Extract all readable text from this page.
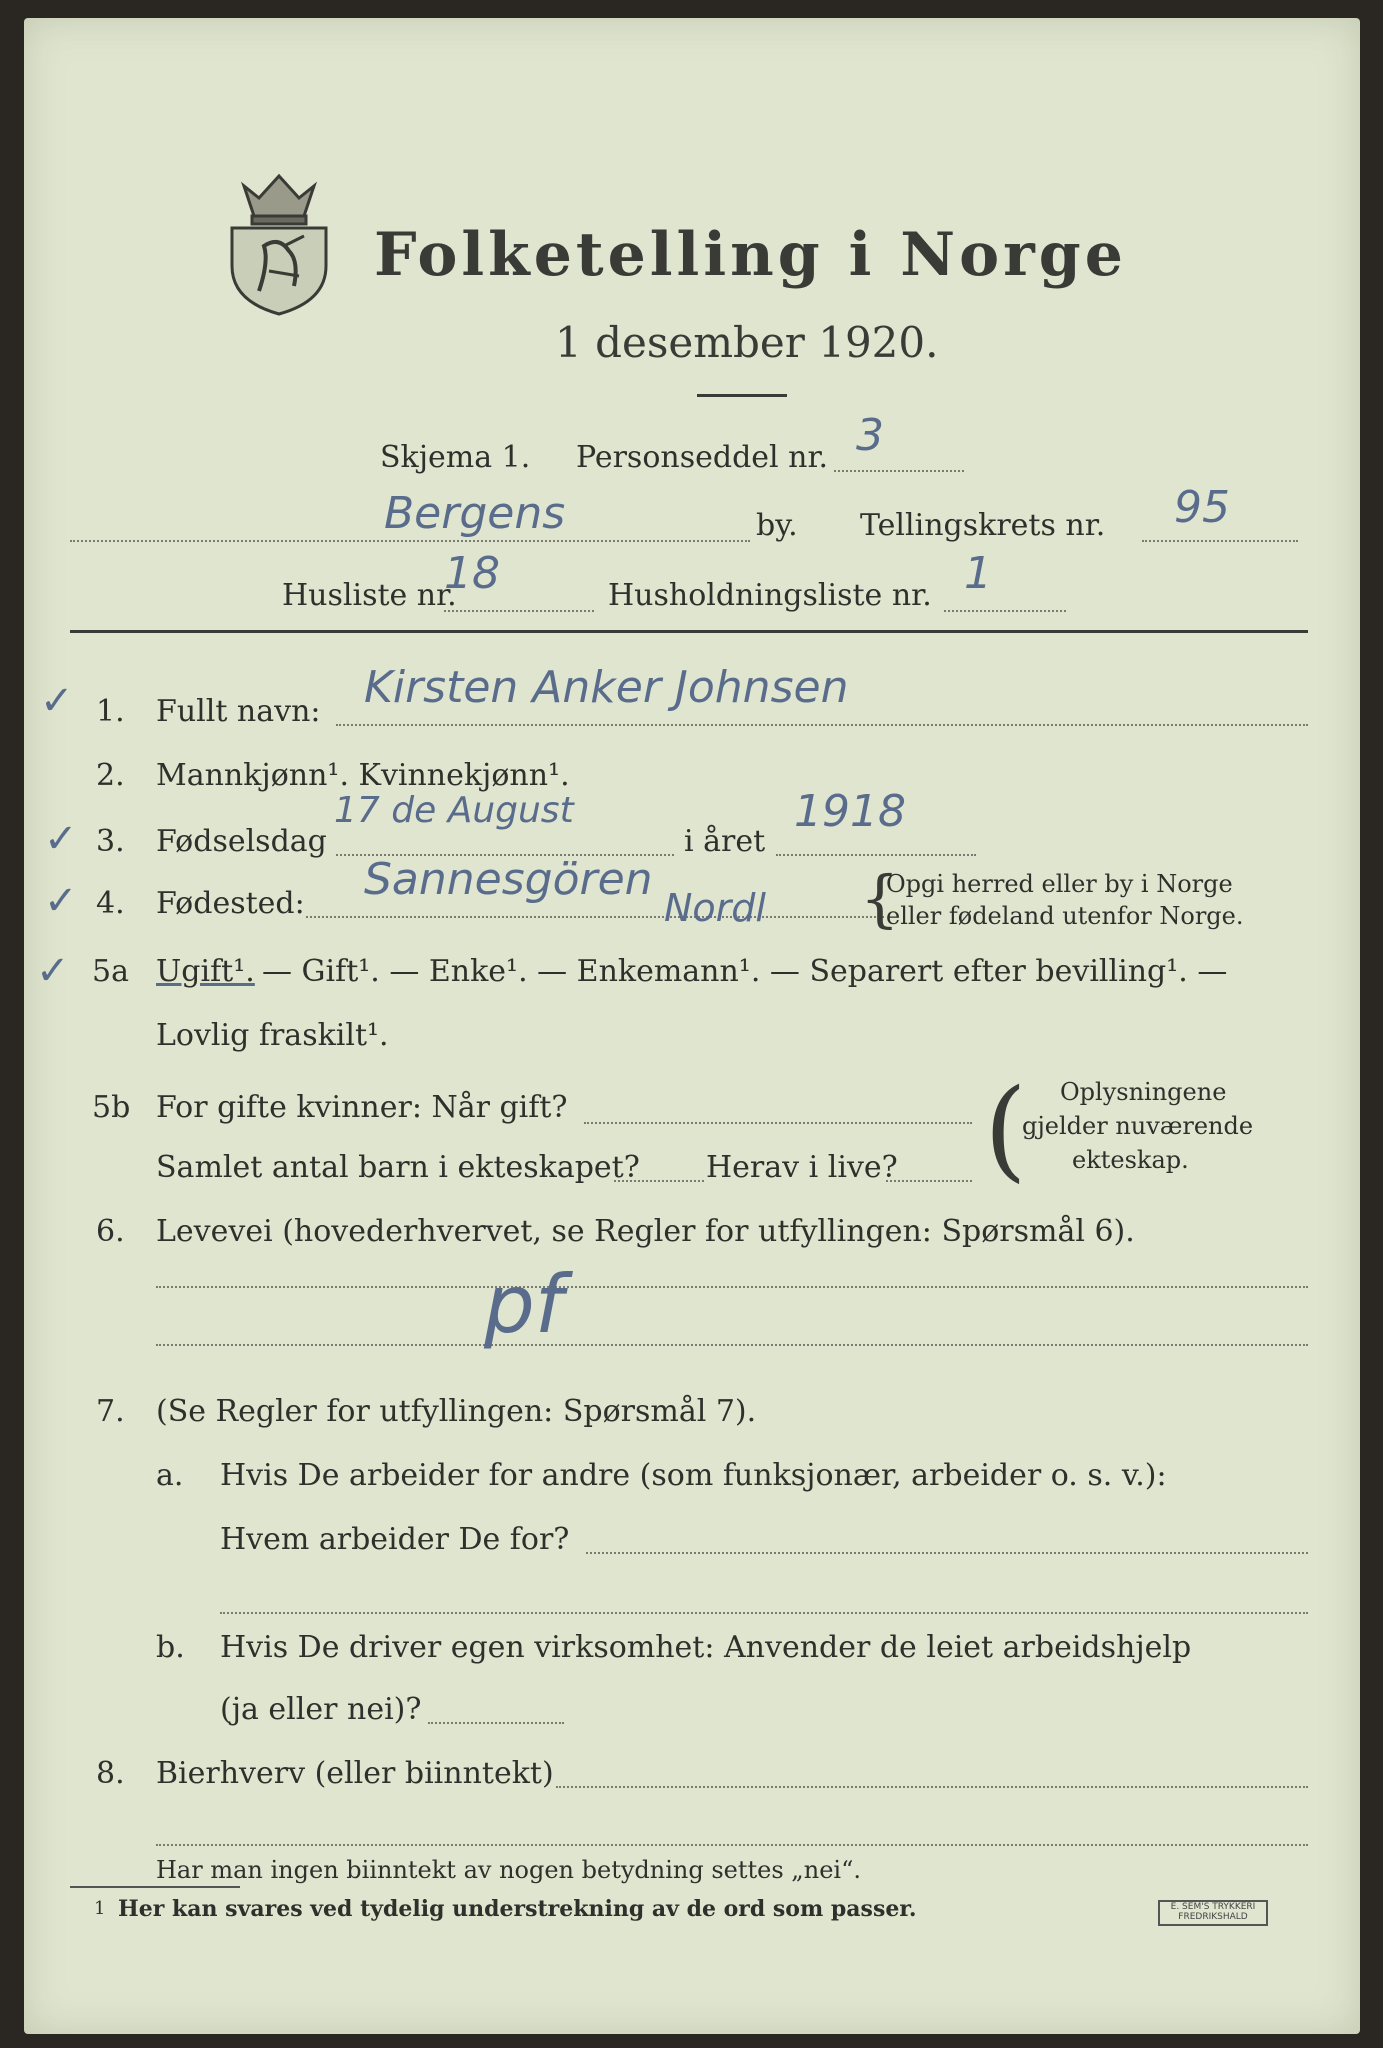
Folketelling i Norge
1 desember 1920.
Skjema 1. Personseddel nr. 3
Bergens	by. Tellingskrets nr. 95
Husliste nr.
18	Husholdningsliste nr. 1
✓ 1. Fullt navn: Kirsten Anker Johnsen
2. Mannkjønn¹. Kvinnekjønn¹.
✓ 3. Fødselsdag
17 de August
i året
1918
✓ 4. Fødested: Sannesgören
Nordl {
Opgi herred eller by i Norge
eller fødeland utenfor Norge.
✓ 5a Ugift¹. — Gift¹. — Enke¹. — Enkemann¹. — Separert efter bevilling¹. —
Lovlig fraskilt¹.
5b For gifte kvinner: Når gift?
Samlet antal barn i ekteskapet? Herav i live? ( Oplysningene
gjelder nuværende
ekteskap.
6. Levevei (hovederhvervet, se Regler for utfyllingen: Spørsmål 6).
pf
7. (Se Regler for utfyllingen: Spørsmål 7).
a. Hvis De arbeider for andre (som funksjonær, arbeider o. s. v.):
Hvem arbeider De for?
b. Hvis De driver egen virksomhet: Anvender de leiet arbeidshjelp
(ja eller nei)?
8. Bierhverv (eller biinntekt)
Har man ingen biinntekt av nogen betydning settes „nei“.
1 Her kan svares ved tydelig understrekning av de ord som passer.	E. SEM'S TRYKKERI
FREDRIKSHALD
